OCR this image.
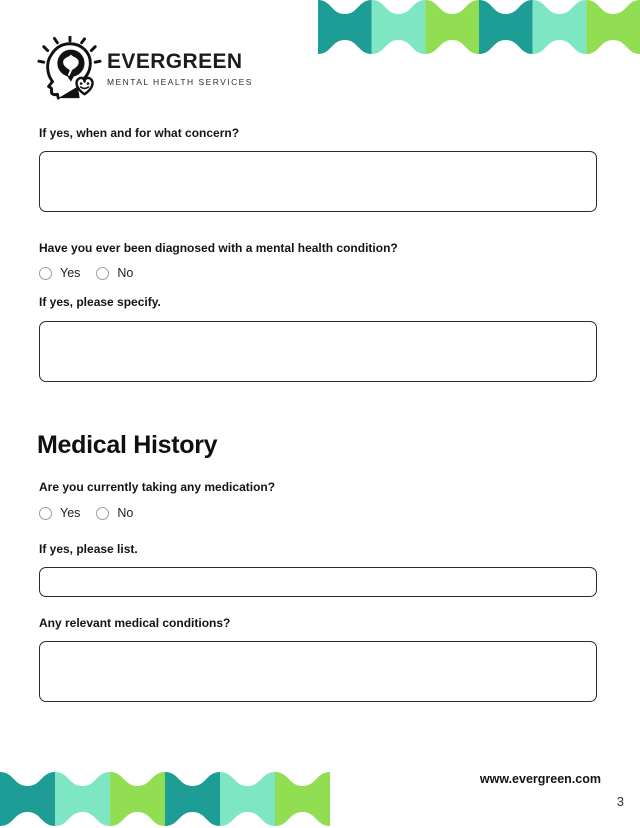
EVERGREEN
MENTAL HEALTH SERVICES
If yes, when and for what concern?
Have you ever been diagnosed with a mental health condition?
Yes	No
If yes, please specify.
Medical History
Are you currently taking any medication?
Yes	No
If yes, please list.
Any relevant medical conditions?
www.evergreen.com
3
